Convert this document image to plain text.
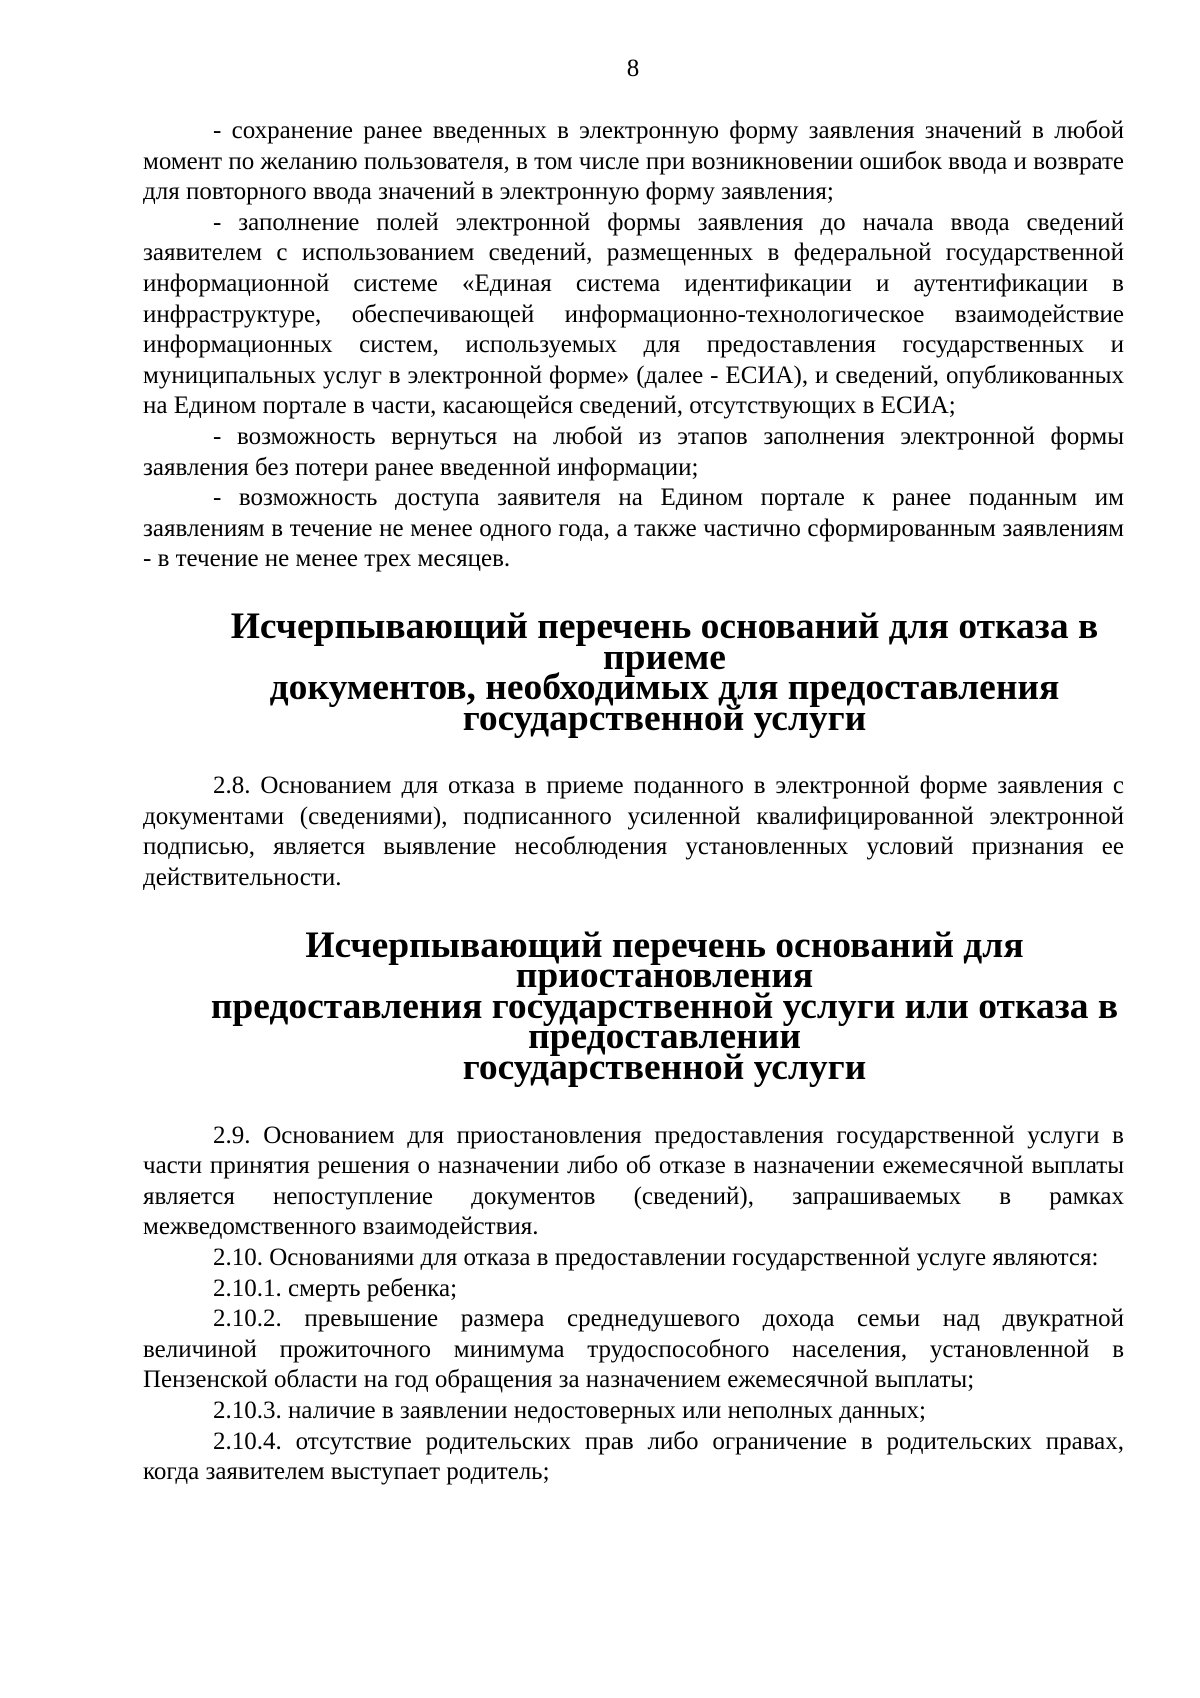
8

- сохранение ранее введенных в электронную форму заявления значений в любой момент по желанию пользователя, в том числе при возникновении ошибок ввода и возврате для повторного ввода значений в электронную форму заявления;

- заполнение полей электронной формы заявления до начала ввода сведений заявителем с использованием сведений, размещенных в федеральной государственной информационной системе «Единая система идентификации и аутентификации в инфраструктуре, обеспечивающей информационно-технологическое взаимодействие информационных систем, используемых для предоставления государственных и муниципальных услуг в электронной форме» (далее - ЕСИА), и сведений, опубликованных на Едином портале в части, касающейся сведений, отсутствующих в ЕСИА;

- возможность вернуться на любой из этапов заполнения электронной формы заявления без потери ранее введенной информации;

- возможность доступа заявителя на Едином портале к ранее поданным им заявлениям в течение не менее одного года, а также частично сформированным заявлениям - в течение не менее трех месяцев.

Исчерпывающий перечень оснований для отказа в приеме
документов, необходимых для предоставления
государственной услуги

2.8. Основанием для отказа в приеме поданного в электронной форме заявления с документами (сведениями), подписанного усиленной квалифицированной электронной подписью, является выявление несоблюдения установленных условий признания ее действительности.

Исчерпывающий перечень оснований для приостановления
предоставления государственной услуги или отказа в предоставлении
государственной услуги

2.9. Основанием для приостановления предоставления государственной услуги в части принятия решения о назначении либо об отказе в назначении ежемесячной выплаты является непоступление документов (сведений), запрашиваемых в рамках межведомственного взаимодействия.

2.10. Основаниями для отказа в предоставлении государственной услуге являются:

2.10.1. смерть ребенка;

2.10.2. превышение размера среднедушевого дохода семьи над двукратной величиной прожиточного минимума трудоспособного населения, установленной в Пензенской области на год обращения за назначением ежемесячной выплаты;

2.10.3. наличие в заявлении недостоверных или неполных данных;

2.10.4. отсутствие родительских прав либо ограничение в родительских правах, когда заявителем выступает родитель;
